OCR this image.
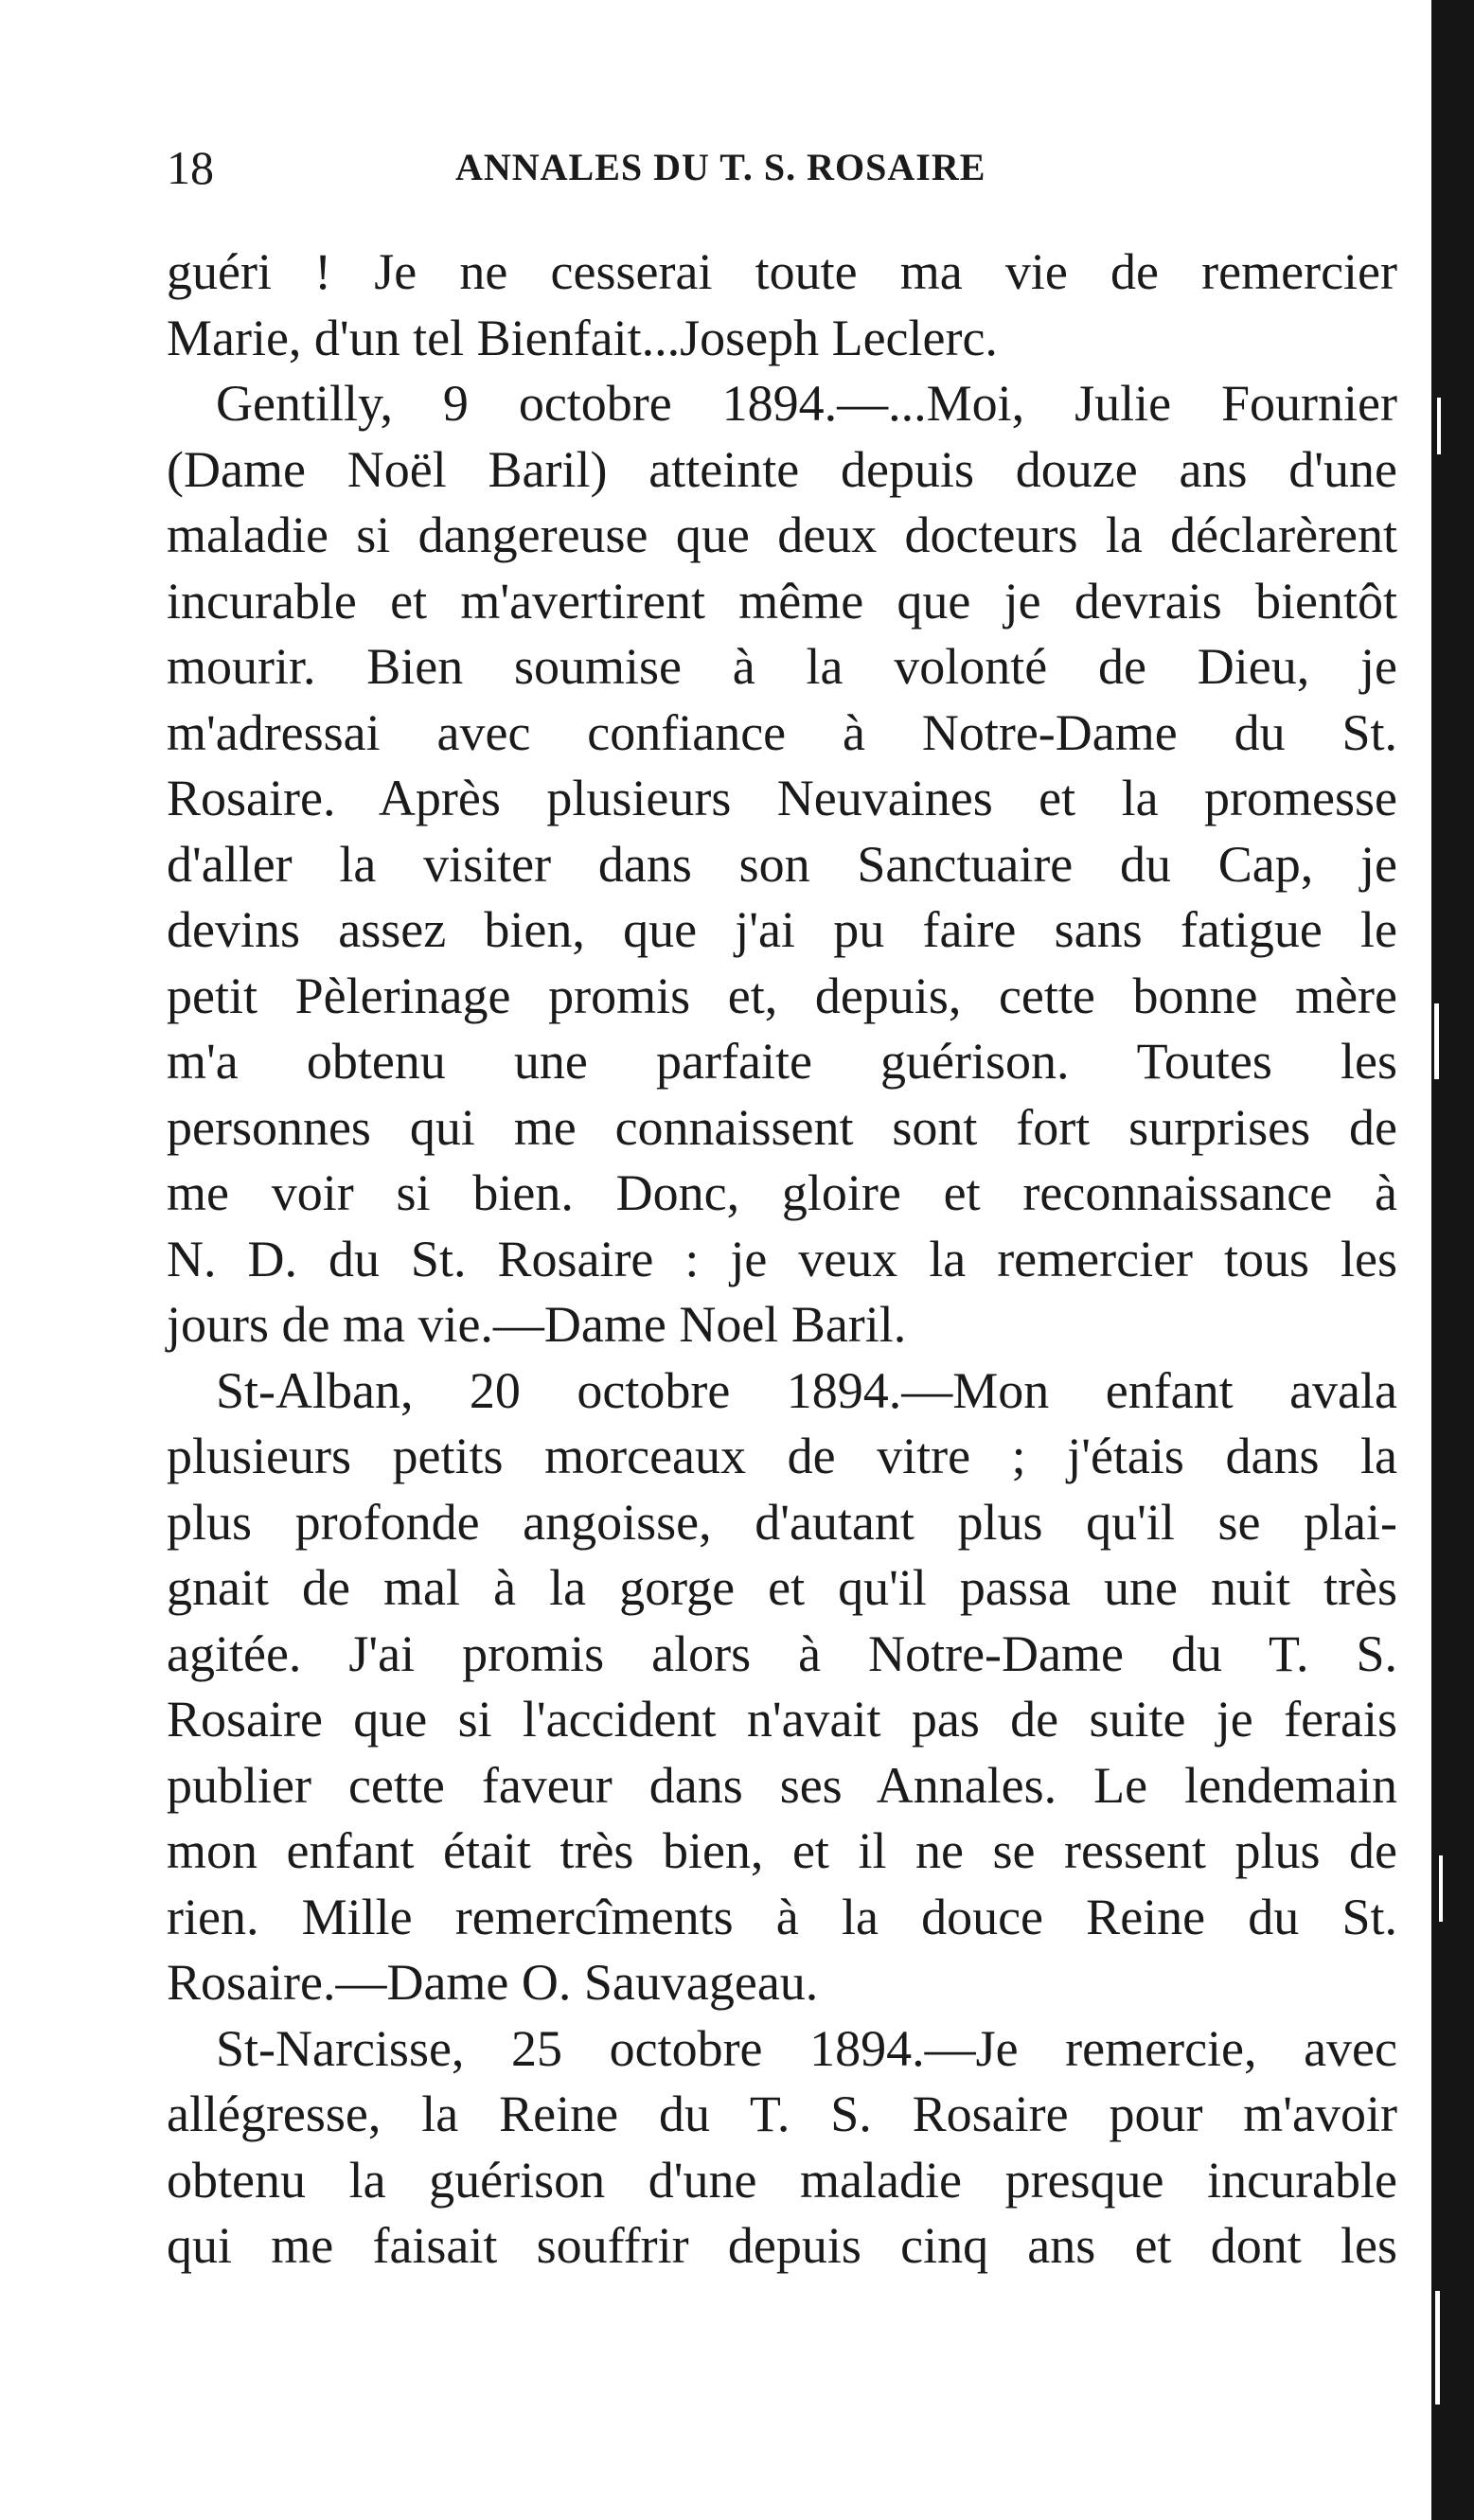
18	ANNALES DU T. S. ROSAIRE
guéri ! Je ne cesserai toute ma vie de remercier
Marie, d'un tel Bienfait...Joseph Leclerc.
Gentilly, 9 octobre 1894.—...Moi, Julie Fournier
(Dame Noël Baril) atteinte depuis douze ans d'une
maladie si dangereuse que deux docteurs la déclarèrent
incurable et m'avertirent même que je devrais bientôt
mourir. Bien soumise à la volonté de Dieu, je
m'adressai avec confiance à Notre-Dame du St.
Rosaire. Après plusieurs Neuvaines et la promesse
d'aller la visiter dans son Sanctuaire du Cap, je
devins assez bien, que j'ai pu faire sans fatigue le
petit Pèlerinage promis et, depuis, cette bonne mère
m'a obtenu une parfaite guérison. Toutes les
personnes qui me connaissent sont fort surprises de
me voir si bien. Donc, gloire et reconnaissance à
N. D. du St. Rosaire : je veux la remercier tous les
jours de ma vie.—Dame Noel Baril.
St-Alban, 20 octobre 1894.—Mon enfant avala
plusieurs petits morceaux de vitre ; j'étais dans la
plus profonde angoisse, d'autant plus qu'il se plai-
gnait de mal à la gorge et qu'il passa une nuit très
agitée. J'ai promis alors à Notre-Dame du T. S.
Rosaire que si l'accident n'avait pas de suite je ferais
publier cette faveur dans ses Annales. Le lendemain
mon enfant était très bien, et il ne se ressent plus de
rien. Mille remercîments à la douce Reine du St.
Rosaire.—Dame O. Sauvageau.
St-Narcisse, 25 octobre 1894.—Je remercie, avec
allégresse, la Reine du T. S. Rosaire pour m'avoir
obtenu la guérison d'une maladie presque incurable
qui me faisait souffrir depuis cinq ans et dont les
